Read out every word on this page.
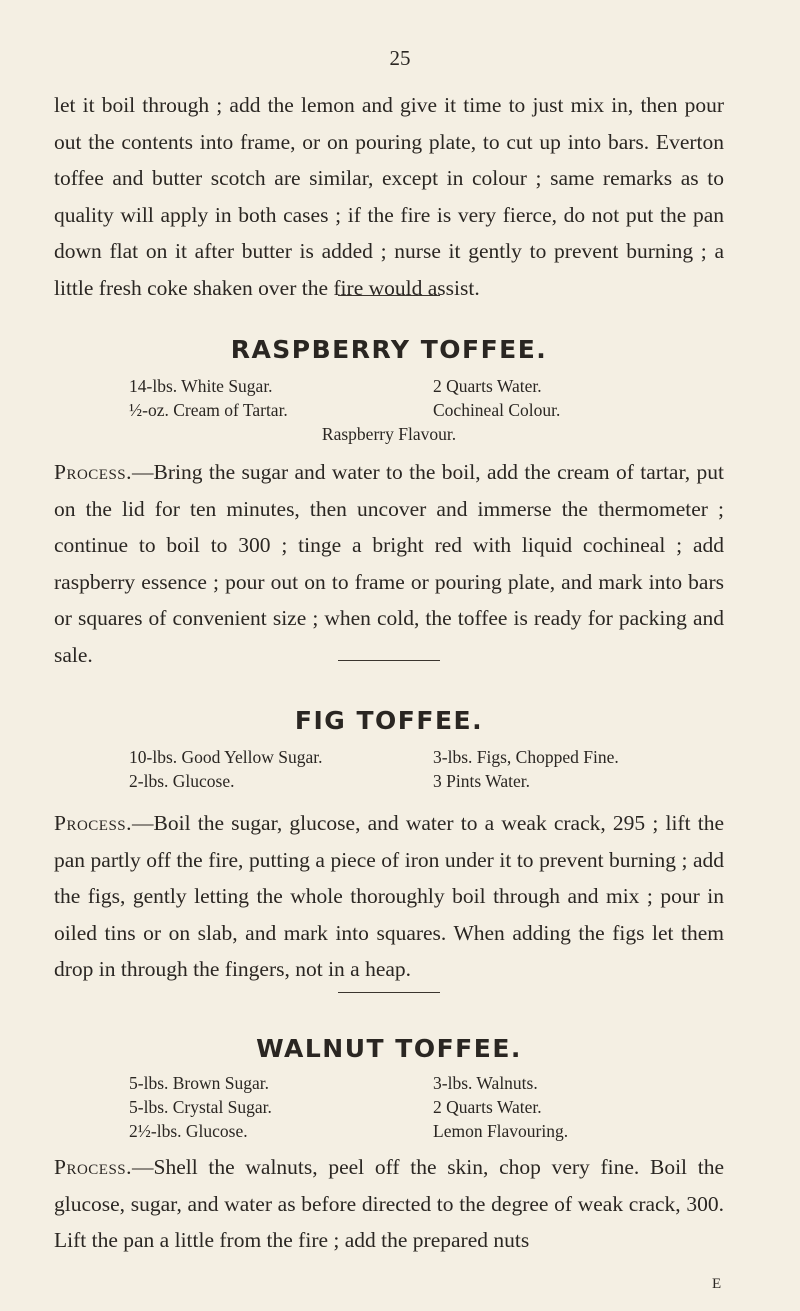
25

let it boil through ; add the lemon and give it time to just mix in, then pour out the contents into frame, or on pouring plate, to cut up into bars. Everton toffee and butter scotch are similar, except in colour ; same remarks as to quality will apply in both cases ; if the fire is very fierce, do not put the pan down flat on it after butter is added ; nurse it gently to prevent burning ; a little fresh coke shaken over the fire would assist.

RASPBERRY TOFFEE.

14-lbs. White Sugar.	2 Quarts Water.
½-oz. Cream of Tartar.	Cochineal Colour.
Raspberry Flavour.

Process.—Bring the sugar and water to the boil, add the cream of tartar, put on the lid for ten minutes, then uncover and immerse the thermometer ; continue to boil to 300 ; tinge a bright red with liquid cochineal ; add raspberry essence ; pour out on to frame or pouring plate, and mark into bars or squares of convenient size ; when cold, the toffee is ready for packing and sale.

FIG TOFFEE.

10-lbs. Good Yellow Sugar.	3-lbs. Figs, Chopped Fine.
2-lbs. Glucose.	3 Pints Water.

Process.—Boil the sugar, glucose, and water to a weak crack, 295 ; lift the pan partly off the fire, putting a piece of iron under it to prevent burning ; add the figs, gently letting the whole thoroughly boil through and mix ; pour in oiled tins or on slab, and mark into squares. When adding the figs let them drop in through the fingers, not in a heap.

WALNUT TOFFEE.

5-lbs. Brown Sugar.	3-lbs. Walnuts.
5-lbs. Crystal Sugar.	2 Quarts Water.
2½-lbs. Glucose.	Lemon Flavouring.

Process.—Shell the walnuts, peel off the skin, chop very fine. Boil the glucose, sugar, and water as before directed to the degree of weak crack, 300. Lift the pan a little from the fire ; add the prepared nuts

E
